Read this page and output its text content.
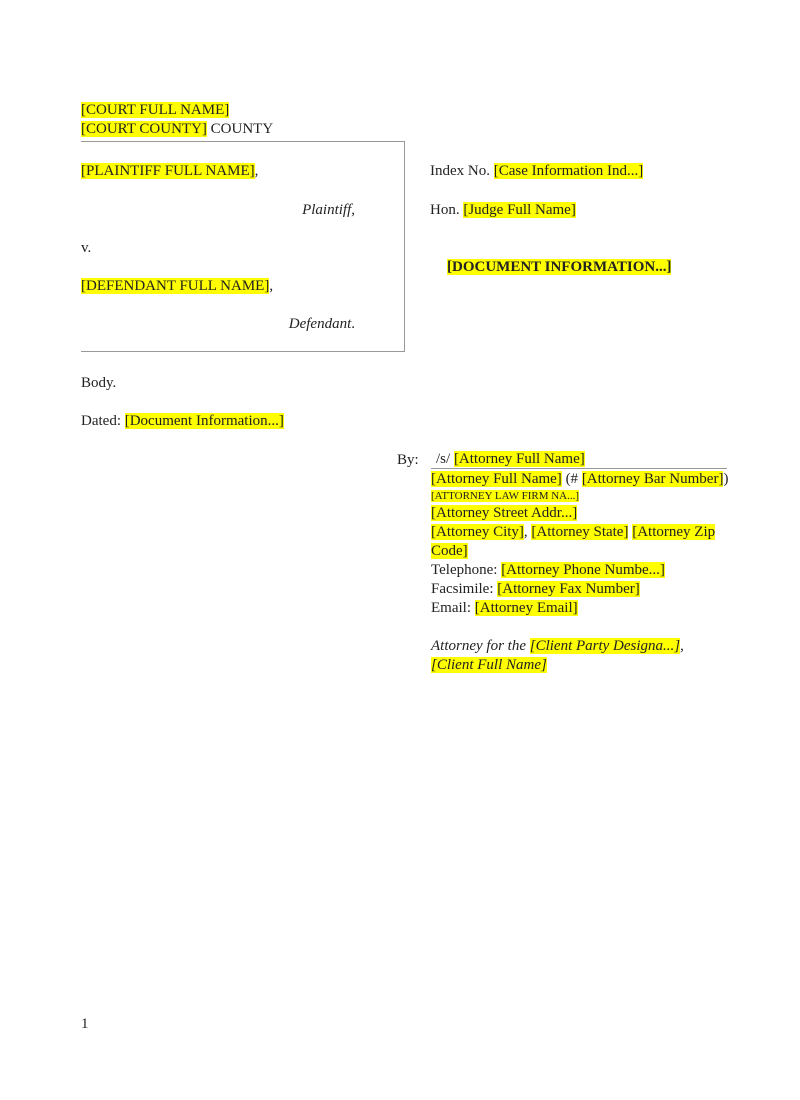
[COURT FULL NAME]
[COURT COUNTY] COUNTY
[PLAINTIFF FULL NAME],
Plaintiff,
v.
[DEFENDANT FULL NAME],
Defendant.
Index No. [Case Information Ind...]
Hon. [Judge Full Name]
[DOCUMENT INFORMATION...]
Body.
Dated: [Document Information...]
By: /s/ [Attorney Full Name]
[Attorney Full Name] (# [Attorney Bar Number])
[ATTORNEY LAW FIRM NA...]
[Attorney Street Addr...]
[Attorney City], [Attorney State] [Attorney Zip Code]
Telephone: [Attorney Phone Numbe...]
Facsimile: [Attorney Fax Number]
Email: [Attorney Email]
Attorney for the [Client Party Designa...],
[Client Full Name]
1
